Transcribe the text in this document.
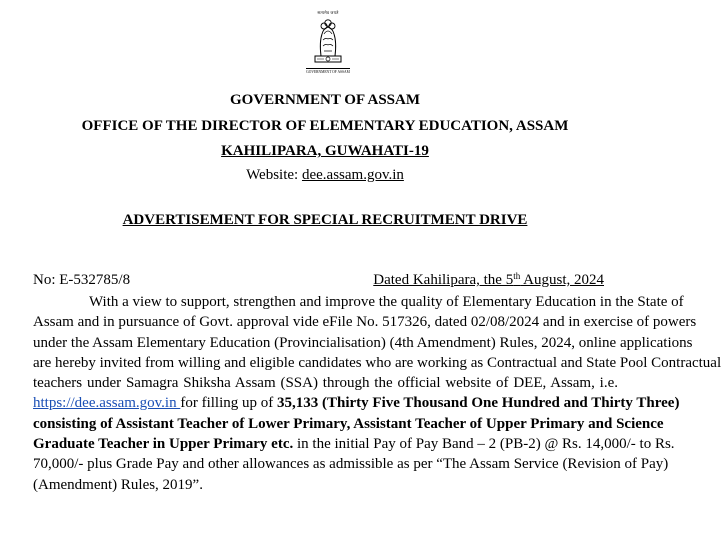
सत्यमेव जयते
GOVERNMENT OF ASSAM
GOVERNMENT OF ASSAM
OFFICE OF THE DIRECTOR OF ELEMENTARY EDUCATION, ASSAM
KAHILIPARA, GUWAHATI-19
Website: dee.assam.gov.in
ADVERTISEMENT FOR SPECIAL RECRUITMENT DRIVE
No: E-532785/8	Dated Kahilipara, the 5th August, 2024
With a view to support, strengthen and improve the quality of Elementary Education in the State of
Assam and in pursuance of Govt. approval vide eFile No. 517326, dated 02/08/2024 and in exercise of powers
under the Assam Elementary Education (Provincialisation) (4th Amendment) Rules, 2024, online applications
are hereby invited from willing and eligible candidates who are working as Contractual and State Pool Contractual
teachers under Samagra Shiksha Assam (SSA) through the official website of DEE, Assam, i.e.
https://dee.assam.gov.in for filling up of 35,133 (Thirty Five Thousand One Hundred and Thirty Three)
consisting of Assistant Teacher of Lower Primary, Assistant Teacher of Upper Primary and Science
Graduate Teacher in Upper Primary etc. in the initial Pay of Pay Band – 2 (PB-2) @ Rs. 14,000/- to Rs.
70,000/- plus Grade Pay and other allowances as admissible as per “The Assam Service (Revision of Pay)
(Amendment) Rules, 2019”.
